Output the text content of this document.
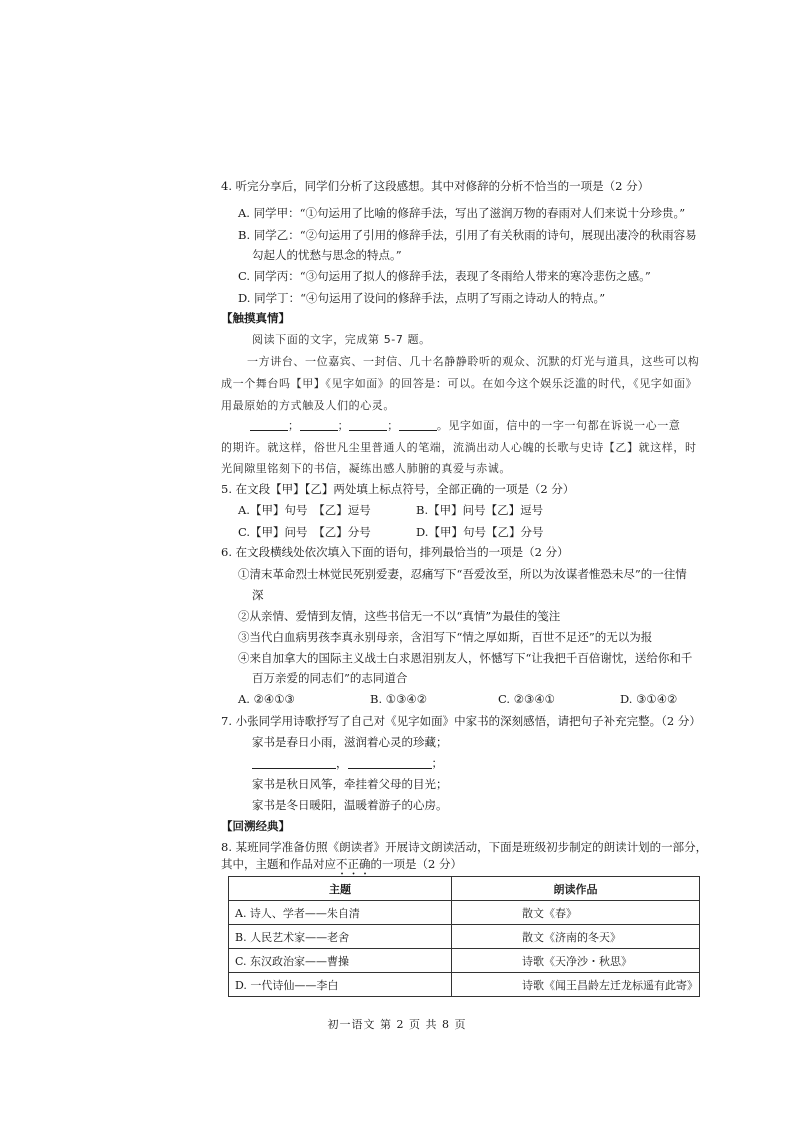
4. 听完分享后，同学们分析了这段感想。其中对修辞的分析不恰当的一项是（2 分）
A. 同学甲：“①句运用了比喻的修辞手法，写出了滋润万物的春雨对人们来说十分珍贵。”
B. 同学乙：“②句运用了引用的修辞手法，引用了有关秋雨的诗句，展现出凄冷的秋雨容易
勾起人的忧愁与思念的特点。”
C. 同学丙：“③句运用了拟人的修辞手法，表现了冬雨给人带来的寒冷悲伤之感。”
D. 同学丁：“④句运用了设问的修辞手法，点明了写雨之诗动人的特点。”
【触摸真情】
阅读下面的文字，完成第 5-7 题。
一方讲台、一位嘉宾、一封信、几十名静静聆听的观众、沉默的灯光与道具，这些可以构
成一个舞台吗【甲】《见字如面》的回答是：可以。在如今这个娱乐泛滥的时代，《见字如面》
用最原始的方式触及人们的心灵。
；	；	；	。见字如面，信中的一字一句都在诉说一心一意
的期许。就这样，俗世凡尘里普通人的笔端，流淌出动人心魄的长歌与史诗【乙】就这样，时
光间隙里铭刻下的书信，凝练出感人肺腑的真爱与赤诚。
5. 在文段【甲】【乙】两处填上标点符号，全部正确的一项是（2 分）
A.【甲】句号　【乙】逗号	B.【甲】问号【乙】逗号
C.【甲】问号　【乙】分号	D.【甲】句号【乙】分号
6. 在文段横线处依次填入下面的语句，排列最恰当的一项是（2 分）
①清末革命烈士林觉民死别爱妻，忍痛写下“吾爱汝至，所以为汝谋者惟恐未尽”的一往情
深
②从亲情、爱情到友情，这些书信无一不以“真情”为最佳的笺注
③当代白血病男孩李真永别母亲，含泪写下“情之厚如斯，百世不足还”的无以为报
④来自加拿大的国际主义战士白求恩泪别友人，怀憾写下“让我把千百倍谢忱，送给你和千
百万亲爱的同志们”的志同道合
A. ②④①③	B. ①③④②	C. ②③④①	D. ③①④②
7. 小张同学用诗歌抒写了自己对《见字如面》中家书的深刻感悟，请把句子补充完整。（2 分）
家书是春日小雨，滋润着心灵的珍藏；
，	；
家书是秋日风筝，牵挂着父母的目光；
家书是冬日暖阳，温暖着游子的心房。
【回溯经典】
8. 某班同学准备仿照《朗读者》开展诗文朗读活动，下面是班级初步制定的朗读计划的一部分，
其中，主题和作品对应不正确的一项是（2 分）
主题	朗读作品
A. 诗人、学者——朱自清	散文《春》
B. 人民艺术家——老舍	散文《济南的冬天》
C. 东汉政治家——曹操	诗歌《天净沙・秋思》
D. 一代诗仙——李白	诗歌《闻王昌龄左迁龙标遥有此寄》
初一语文 第 2 页 共 8 页
